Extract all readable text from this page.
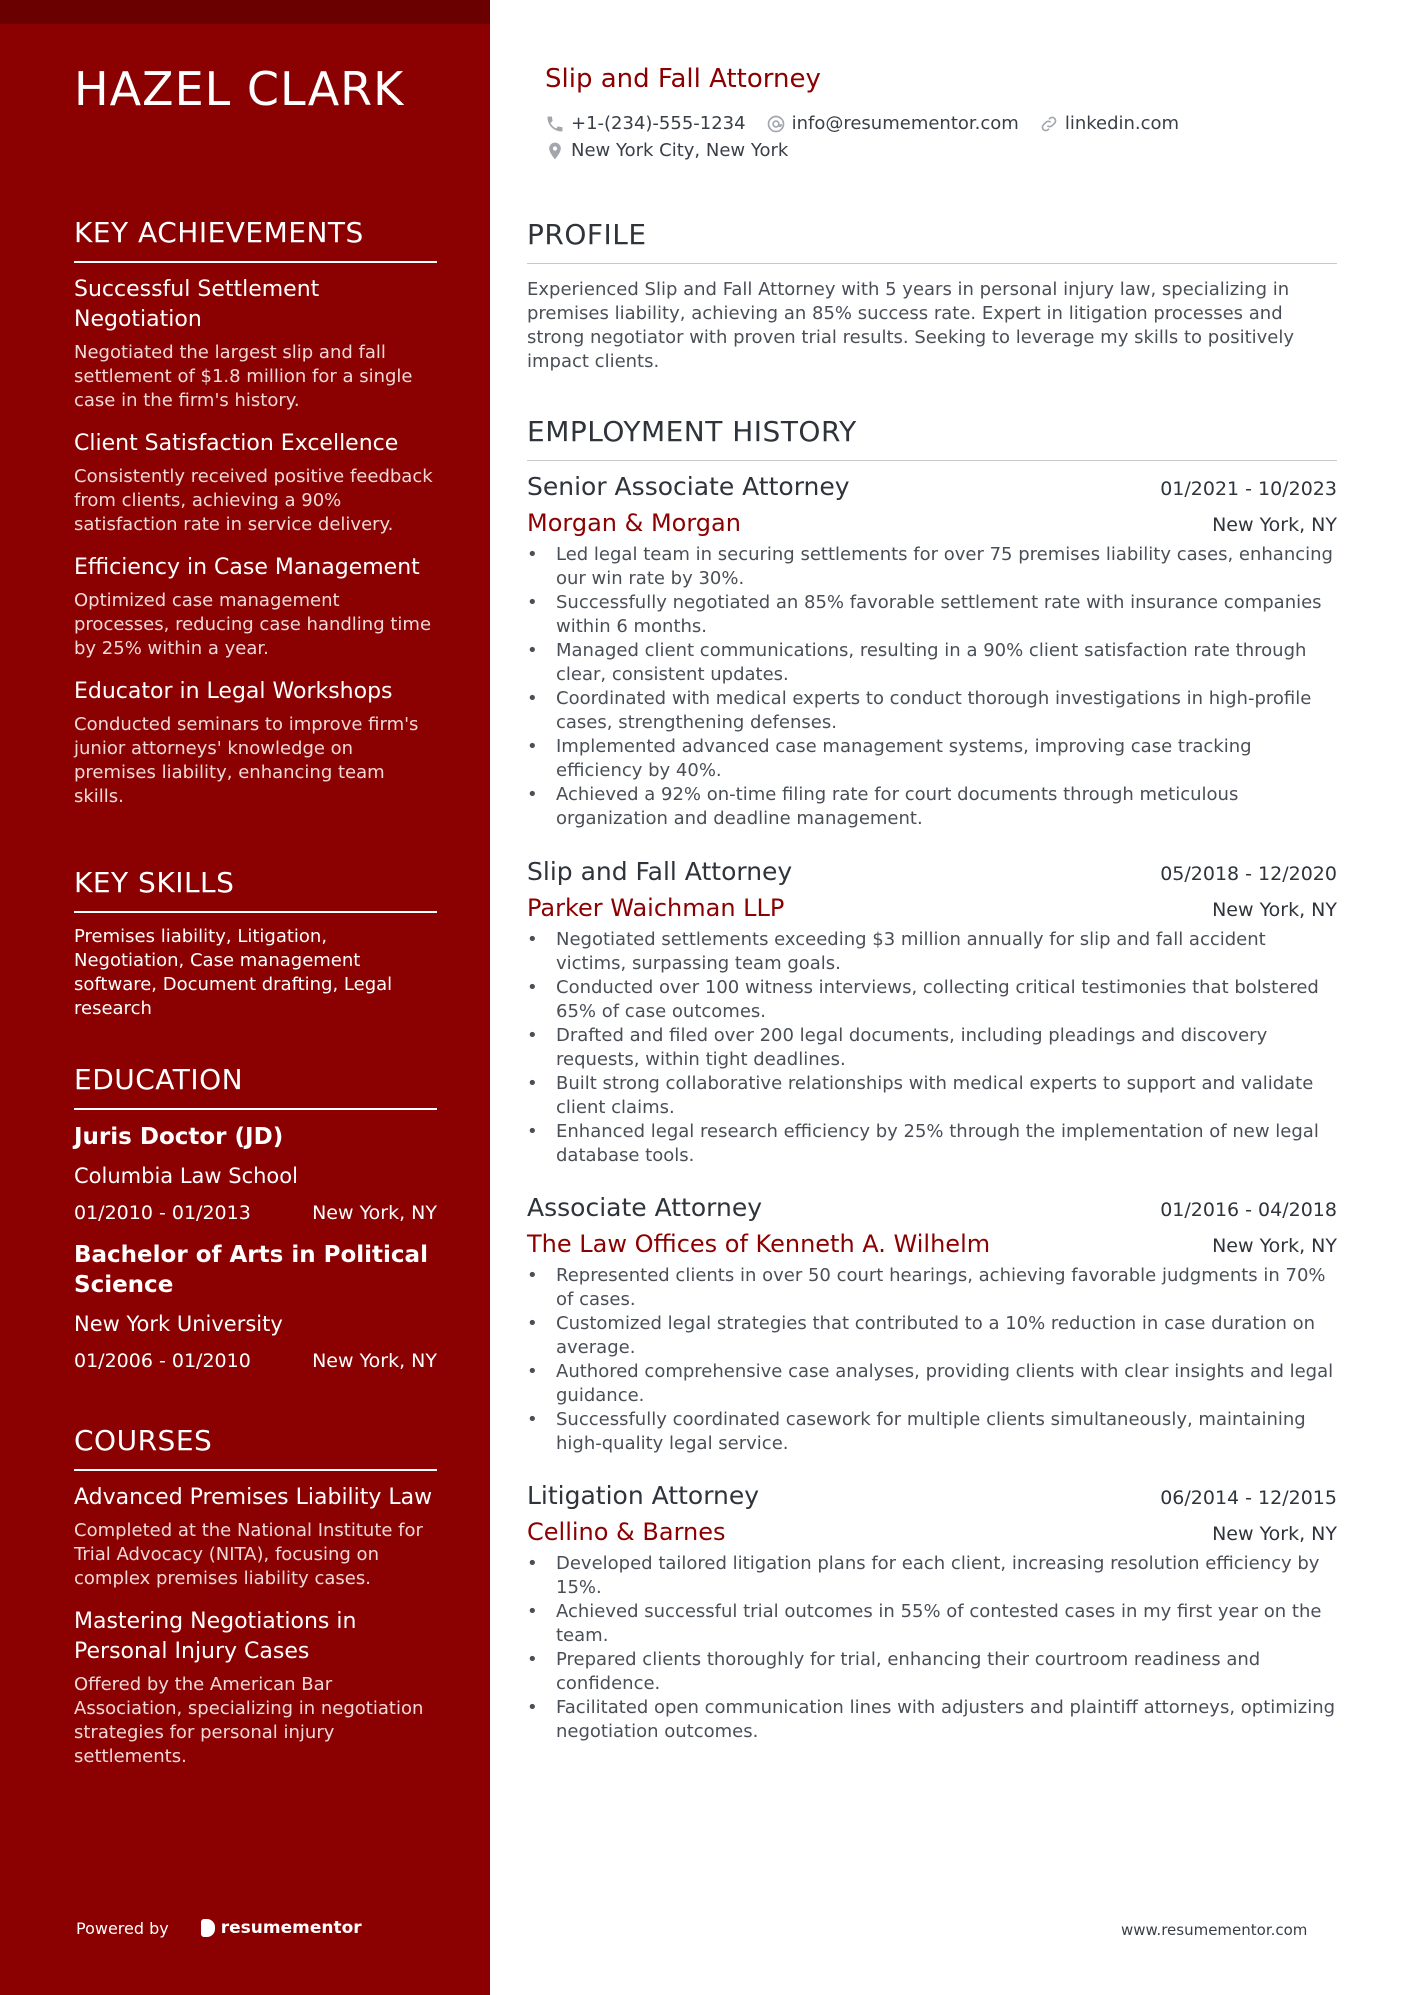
HAZEL CLARK
KEY ACHIEVEMENTS
Successful Settlement Negotiation
Negotiated the largest slip and fall settlement of $1.8 million for a single case in the firm's history.
Client Satisfaction Excellence
Consistently received positive feedback from clients, achieving a 90% satisfaction rate in service delivery.
Efficiency in Case Management
Optimized case management processes, reducing case handling time by 25% within a year.
Educator in Legal Workshops
Conducted seminars to improve firm's junior attorneys' knowledge on premises liability, enhancing team skills.
KEY SKILLS
Premises liability, Litigation, Negotiation, Case management software, Document drafting, Legal research
EDUCATION
Juris Doctor (JD)
Columbia Law School
01/2010 - 01/2013	New York, NY
Bachelor of Arts in Political Science
New York University
01/2006 - 01/2010	New York, NY
COURSES
Advanced Premises Liability Law
Completed at the National Institute for Trial Advocacy (NITA), focusing on complex premises liability cases.
Mastering Negotiations in Personal Injury Cases
Offered by the American Bar Association, specializing in negotiation strategies for personal injury settlements.
Powered by	resumementor
Slip and Fall Attorney
+1-(234)-555-1234	info@resumementor.com	linkedin.com
New York City, New York
PROFILE
Experienced Slip and Fall Attorney with 5 years in personal injury law, specializing in premises liability, achieving an 85% success rate. Expert in litigation processes and strong negotiator with proven trial results. Seeking to leverage my skills to positively impact clients.
EMPLOYMENT HISTORY
Senior Associate Attorney	01/2021 - 10/2023
Morgan & Morgan	New York, NY
• Led legal team in securing settlements for over 75 premises liability cases, enhancing our win rate by 30%.
• Successfully negotiated an 85% favorable settlement rate with insurance companies within 6 months.
• Managed client communications, resulting in a 90% client satisfaction rate through clear, consistent updates.
• Coordinated with medical experts to conduct thorough investigations in high-profile cases, strengthening defenses.
• Implemented advanced case management systems, improving case tracking efficiency by 40%.
• Achieved a 92% on-time filing rate for court documents through meticulous organization and deadline management.
Slip and Fall Attorney	05/2018 - 12/2020
Parker Waichman LLP	New York, NY
• Negotiated settlements exceeding $3 million annually for slip and fall accident victims, surpassing team goals.
• Conducted over 100 witness interviews, collecting critical testimonies that bolstered 65% of case outcomes.
• Drafted and filed over 200 legal documents, including pleadings and discovery requests, within tight deadlines.
• Built strong collaborative relationships with medical experts to support and validate client claims.
• Enhanced legal research efficiency by 25% through the implementation of new legal database tools.
Associate Attorney	01/2016 - 04/2018
The Law Offices of Kenneth A. Wilhelm	New York, NY
• Represented clients in over 50 court hearings, achieving favorable judgments in 70% of cases.
• Customized legal strategies that contributed to a 10% reduction in case duration on average.
• Authored comprehensive case analyses, providing clients with clear insights and legal guidance.
• Successfully coordinated casework for multiple clients simultaneously, maintaining high-quality legal service.
Litigation Attorney	06/2014 - 12/2015
Cellino & Barnes	New York, NY
• Developed tailored litigation plans for each client, increasing resolution efficiency by 15%.
• Achieved successful trial outcomes in 55% of contested cases in my first year on the team.
• Prepared clients thoroughly for trial, enhancing their courtroom readiness and confidence.
• Facilitated open communication lines with adjusters and plaintiff attorneys, optimizing negotiation outcomes.
www.resumementor.com
